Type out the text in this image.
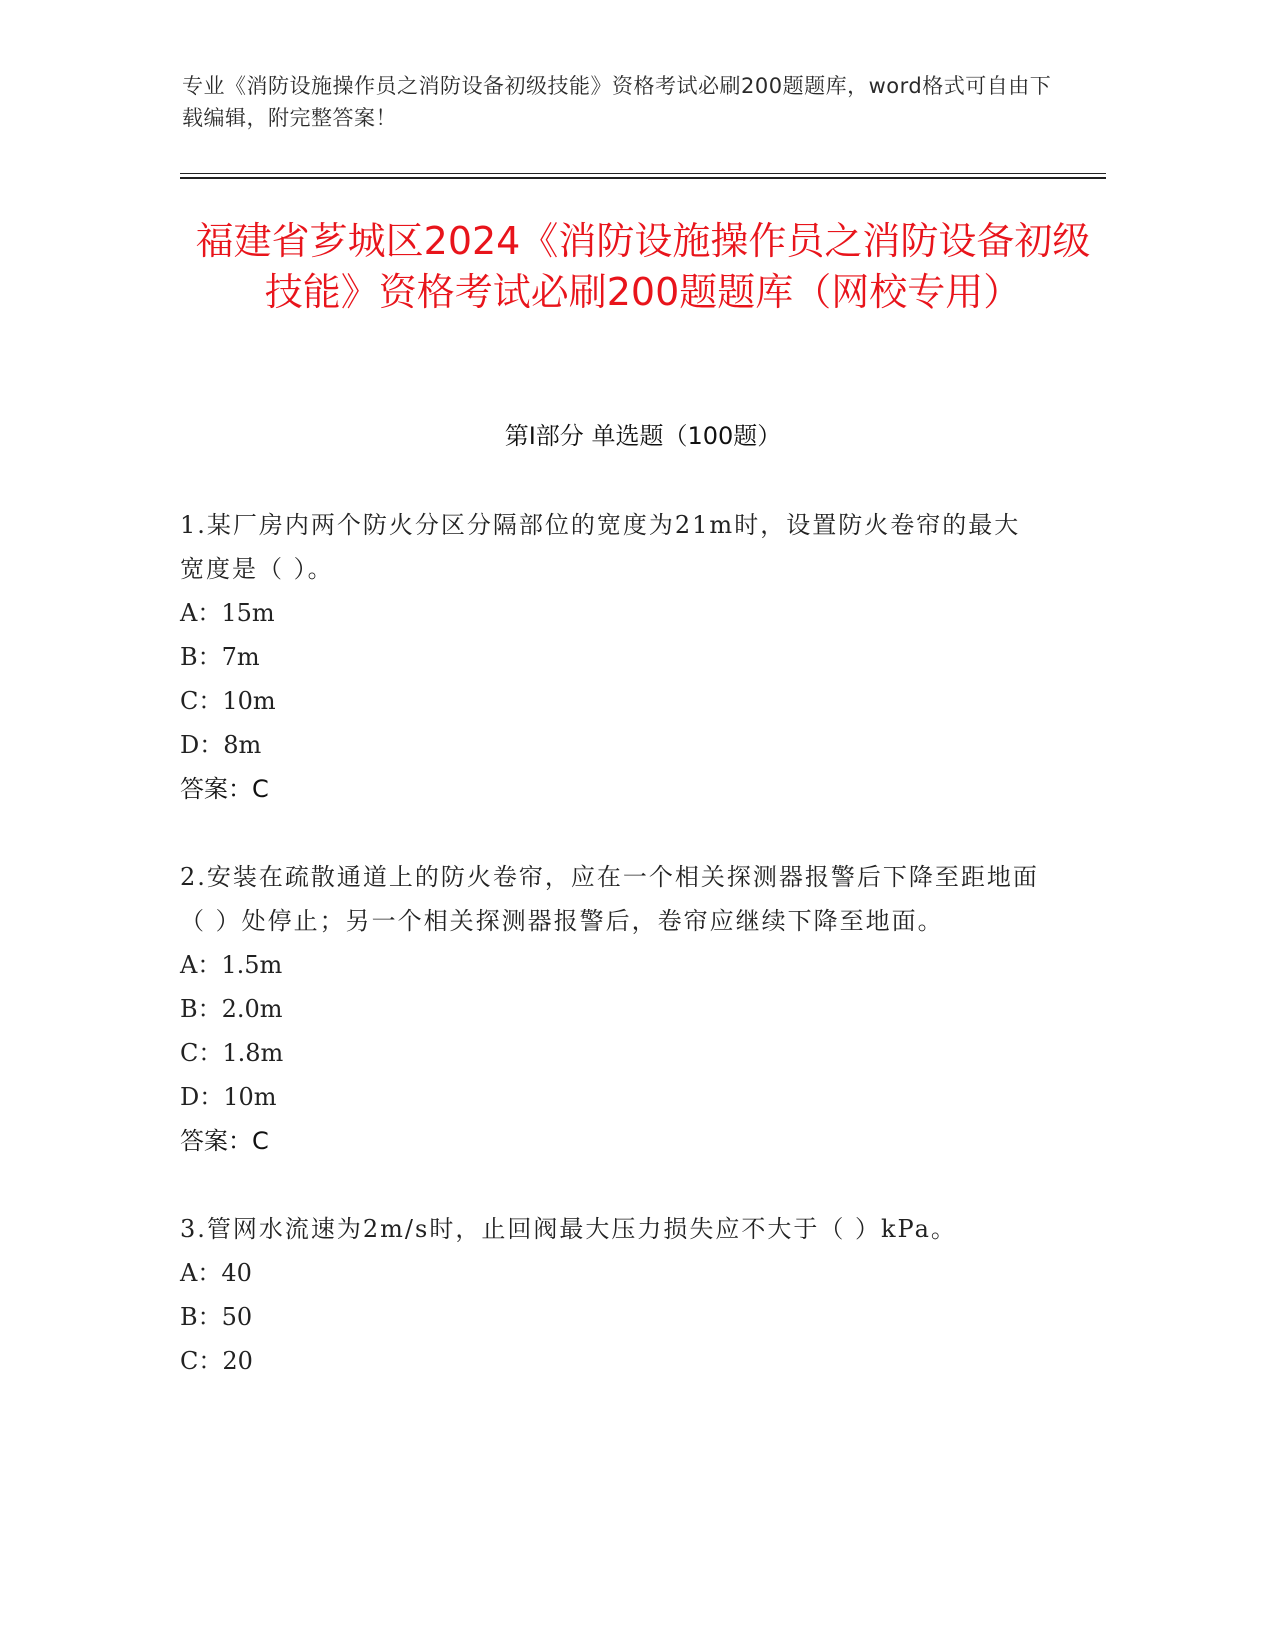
专业《消防设施操作员之消防设备初级技能》资格考试必刷200题题库，word格式可自由下载编辑，附完整答案！
福建省芗城区2024《消防设施操作员之消防设备初级技能》资格考试必刷200题题库（网校专用）
第Ⅰ部分 单选题（100题）

1.某厂房内两个防火分区分隔部位的宽度为21m时，设置防火卷帘的最大宽度是（ ）。

A：15m

B：7m

C：10m

D：8m

答案：C

2.安装在疏散通道上的防火卷帘，应在一个相关探测器报警后下降至距地面（ ）处停止；另一个相关探测器报警后，卷帘应继续下降至地面。

A：1.5m

B：2.0m

C：1.8m

D：10m

答案：C

3.管网水流速为2m/s时，止回阀最大压力损失应不大于（ ）kPa。

A：40

B：50

C：20
